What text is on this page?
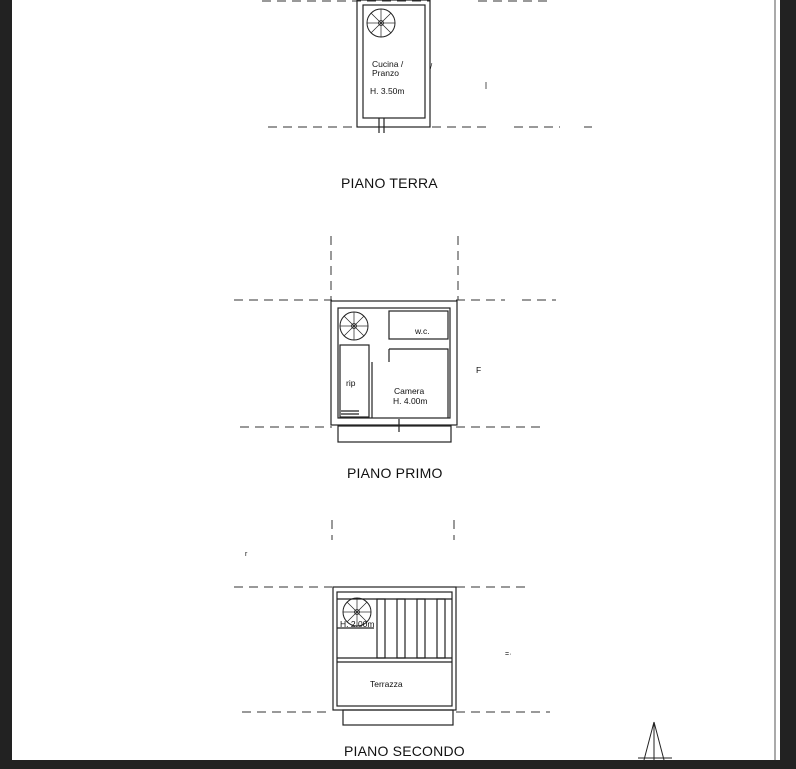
/
Cucina /
Pranzo
H. 3.50m
PIANO TERRA
w.c.
rip
Camera
H. 4.00m
F
PIANO PRIMO
=·
r
H. 2.00m
Terrazza
PIANO SECONDO
